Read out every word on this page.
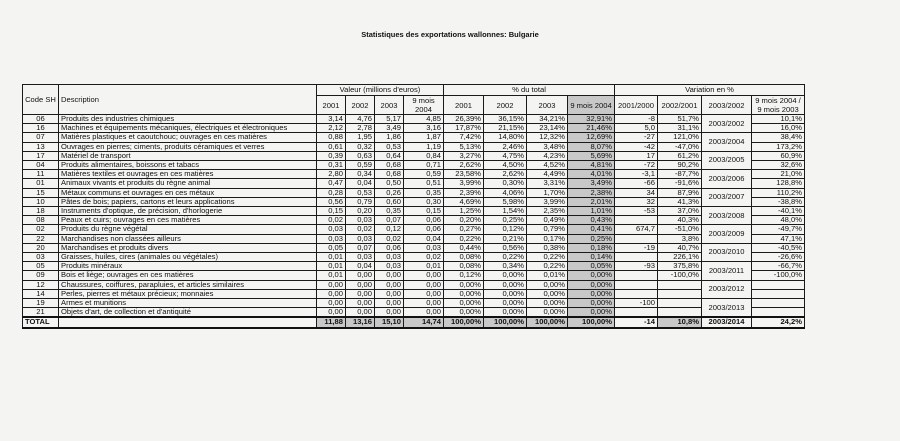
Statistiques des exportations wallonnes: Bulgarie
Code SH	Description	Valeur (millions d'euros)				% du total				Variation en %			
		2001	2002	2003	9 mois 2004	2001	2002	2003	9 mois 2004	2001/2000	2002/2001	2003/2002	9 mois 2004 / 9 mois 2003
06	Produits des industries chimiques	3,14	4,76	5,17	4,85	26,39%	36,15%	34,21%	32,91%	-8	51,7%	2003/2002	10,1%
16	Machines et équipements mécaniques, électriques et électroniques	2,12	2,78	3,49	3,16	17,87%	21,15%	23,14%	21,46%	5,0	31,1%		16,0%
07	Matières plastiques et caoutchouc; ouvrages en ces matières	0,88	1,95	1,86	1,87	7,42%	14,80%	12,32%	12,69%	-27	121,0%	2003/2004	38,4%
13	Ouvrages en pierres; ciments, produits céramiques et verres	0,61	0,32	0,53	1,19	5,13%	2,46%	3,48%	8,07%	-42	-47,0%		173,2%
17	Matériel de transport	0,39	0,63	0,64	0,84	3,27%	4,75%	4,23%	5,69%	17	61,2%	2003/2005	60,9%
04	Produits alimentaires, boissons et tabacs	0,31	0,59	0,68	0,71	2,62%	4,50%	4,52%	4,81%	-72	90,2%		32,6%
11	Matières textiles et ouvrages en ces matières	2,80	0,34	0,68	0,59	23,58%	2,62%	4,49%	4,01%	-3,1	-87,7%	2003/2006	21,0%
01	Animaux vivants et produits du règne animal	0,47	0,04	0,50	0,51	3,99%	0,30%	3,31%	3,49%	-66	-91,6%		128,8%
15	Métaux communs et ouvrages en ces métaux	0,28	0,53	0,26	0,35	2,39%	4,06%	1,70%	2,38%	34	87,9%	2003/2007	110,2%
10	Pâtes de bois; papiers, cartons et leurs applications	0,56	0,79	0,60	0,30	4,69%	5,98%	3,99%	2,01%	32	41,3%		-38,8%
18	Instruments d'optique, de précision, d'horlogerie	0,15	0,20	0,35	0,15	1,25%	1,54%	2,35%	1,01%	-53	37,0%	2003/2008	-40,1%
08	Peaux et cuirs; ouvrages en ces matières	0,02	0,03	0,07	0,06	0,20%	0,25%	0,49%	0,43%		40,3%		48,0%
02	Produits du règne végétal	0,03	0,02	0,12	0,06	0,27%	0,12%	0,79%	0,41%	674,7	-51,0%	2003/2009	-49,7%
22	Marchandises non classées ailleurs	0,03	0,03	0,02	0,04	0,22%	0,21%	0,17%	0,25%		3,8%		47,1%
20	Marchandises et produits divers	0,05	0,07	0,06	0,03	0,44%	0,56%	0,38%	0,18%	-19	40,7%	2003/2010	-40,5%
03	Graisses, huiles, cires (animales ou végétales)	0,01	0,03	0,03	0,02	0,08%	0,22%	0,22%	0,14%		226,1%		-26,6%
05	Produits minéraux	0,01	0,04	0,03	0,01	0,08%	0,34%	0,22%	0,05%	-93	375,8%	2003/2011	-66,7%
09	Bois et liège; ouvrages en ces matières	0,01	0,00	0,00	0,00	0,12%	0,00%	0,01%	0,00%		-100,0%		-100,0%
12	Chaussures, coiffures, parapluies, et articles similaires	0,00	0,00	0,00	0,00	0,00%	0,00%	0,00%	0,00%			2003/2012	
14	Perles, pierres et métaux précieux; monnaies	0,00	0,00	0,00	0,00	0,00%	0,00%	0,00%	0,00%				
19	Armes et munitions	0,00	0,00	0,00	0,00	0,00%	0,00%	0,00%	0,00%	-100		2003/2013	
21	Objets d'art, de collection et d'antiquité	0,00	0,00	0,00	0,00	0,00%	0,00%	0,00%	0,00%				
TOTAL		11,88	13,16	15,10	14,74	100,00%	100,00%	100,00%	100,00%	-14	10,8%	2003/2014	24,2%
